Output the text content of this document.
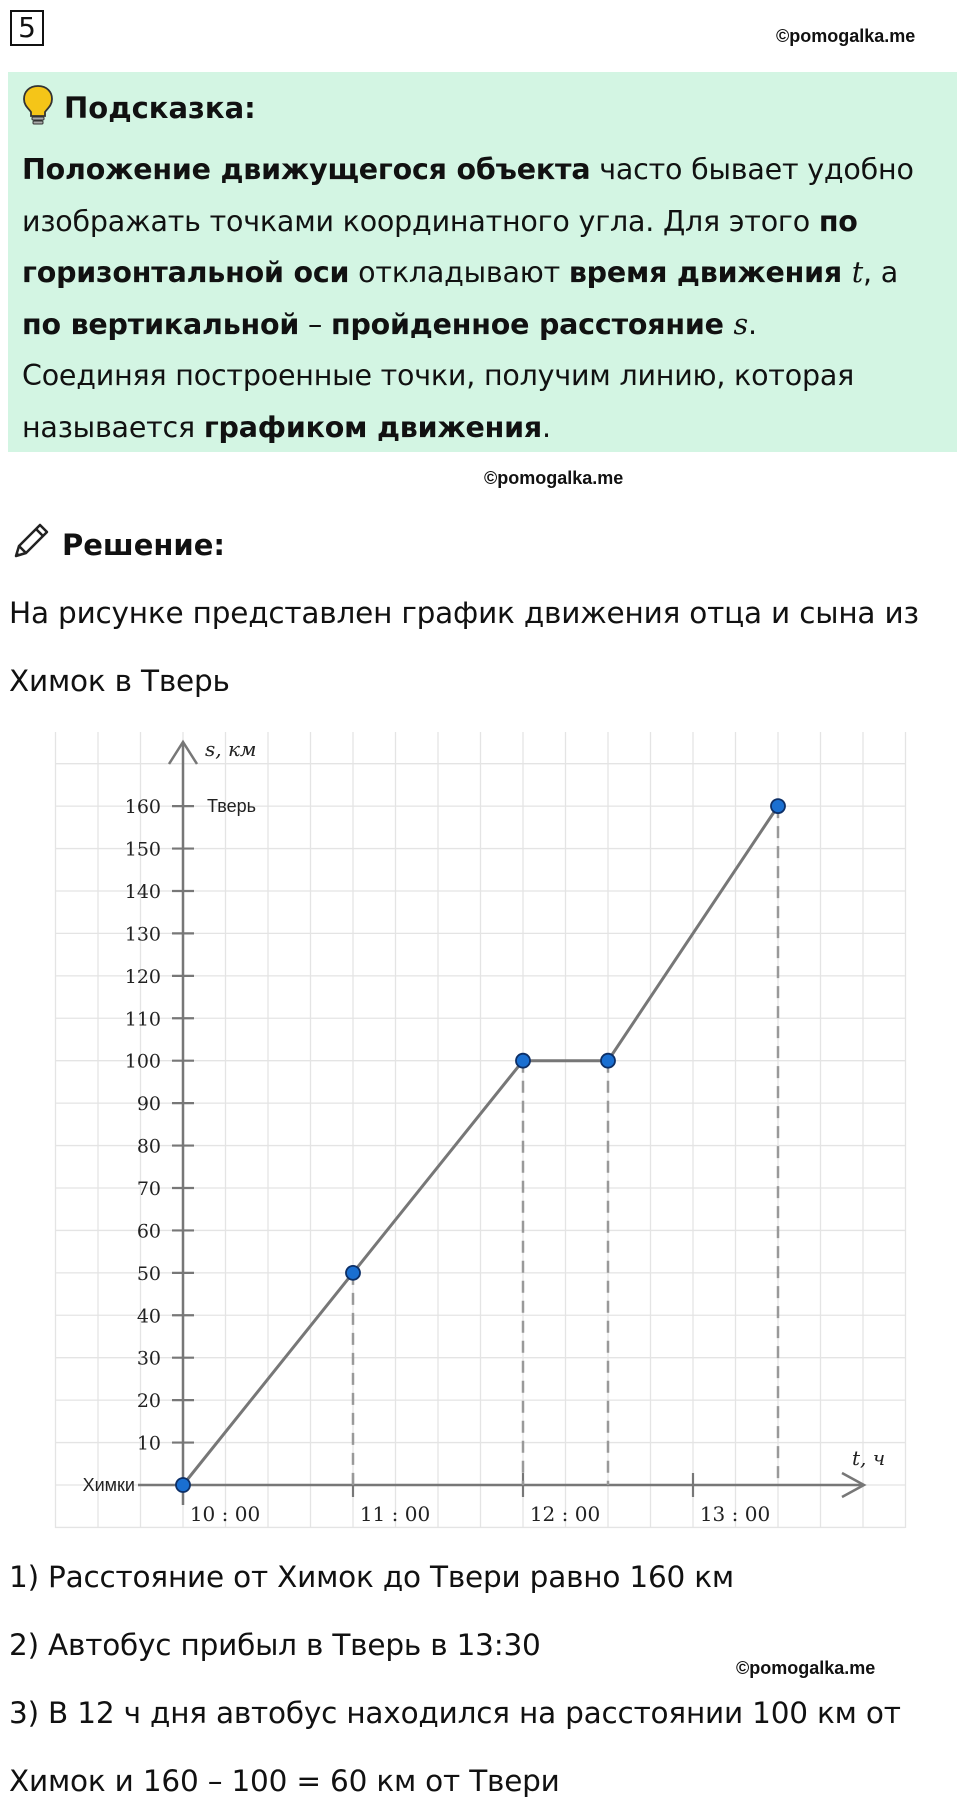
5	©pomogalka.me
Подсказка:
Положение движущегося объекта часто бывает удобно изображать точками координатного угла. Для этого по горизонтальной оси откладывают время движения t, а по вертикальной – пройденное расстояние s.
Соединяя построенные точки, получим линию, которая называется графиком движения.
©pomogalka.me
Решение:
На рисунке представлен график движения отца и сына из
Химок в Тверь
10
20
30
40
50
60
70
80
90
100
110
120
130
140
150
160
10 : 00	11 : 00	12 : 00	13 : 00
s, км
t, ч
Химки
Тверь
1) Расстояние от Химок до Твери равно 160 км
2) Автобус прибыл в Тверь в 13:30
©pomogalka.me
3) В 12 ч дня автобус находился на расстоянии 100 км от
Химок и 160 – 100 = 60 км от Твери
